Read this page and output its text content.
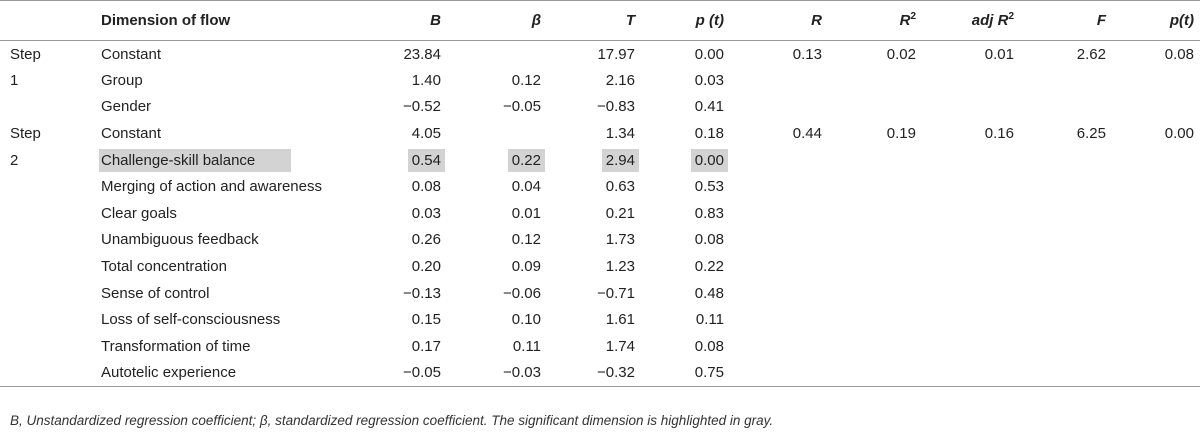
	Dimension of flow	B	β	T	p (t)	R	$R^2$	adj $R^2$	F	p(t)
Step	Constant	23.84		17.97	0.00	0.13	0.02	0.01	2.62	0.08
1	Group	1.40	0.12	2.16	0.03					
	Gender	−0.52	−0.05	−0.83	0.41					
Step	Constant	4.05		1.34	0.18	0.44	0.19	0.16	6.25	0.00
2	Challenge-skill balance	0.54	0.22	2.94	0.00					
	Merging of action and awareness	0.08	0.04	0.63	0.53					
	Clear goals	0.03	0.01	0.21	0.83					
	Unambiguous feedback	0.26	0.12	1.73	0.08					
	Total concentration	0.20	0.09	1.23	0.22					
	Sense of control	−0.13	−0.06	−0.71	0.48					
	Loss of self-consciousness	0.15	0.10	1.61	0.11					
	Transformation of time	0.17	0.11	1.74	0.08					
	Autotelic experience	−0.05	−0.03	−0.32	0.75					
B, Unstandardized regression coefficient; β, standardized regression coefficient. The significant dimension is highlighted in gray.
